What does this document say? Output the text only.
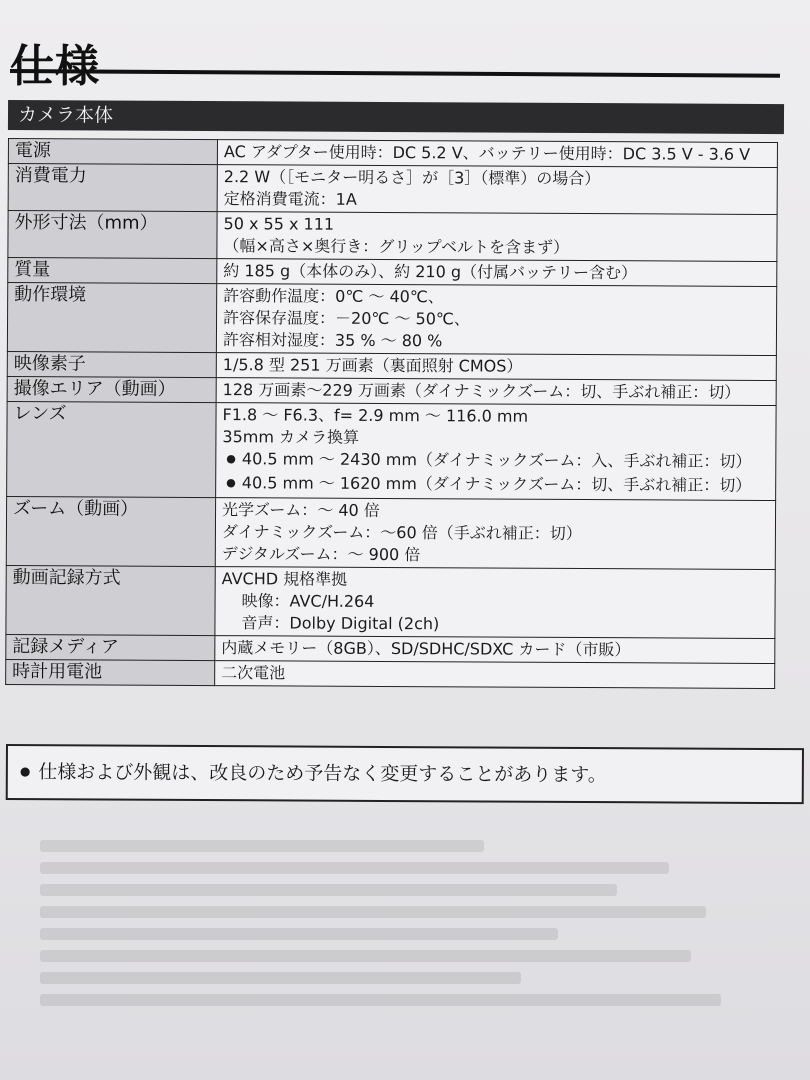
仕様
カメラ本体
電源	AC アダプター使用時：DC 5.2 V、バッテリー使用時：DC 3.5 V - 3.6 V

消費電力	2.2 W（［モニター明るさ］が［3］（標準）の場合）
定格消費電流：1A

外形寸法（mm）	50 x 55 x 111
（幅×高さ×奥行き：グリップベルトを含まず）

質量	約 185 g（本体のみ）、約 210 g（付属バッテリー含む）

動作環境	許容動作温度：0℃ ～ 40℃、
許容保存温度：－20℃ ～ 50℃、
許容相対湿度：35 % ～ 80 %

映像素子	1/5.8 型 251 万画素（裏面照射 CMOS）

撮像エリア（動画）	128 万画素～229 万画素（ダイナミックズーム：切、手ぶれ補正：切）

レンズ	F1.8 ～ F6.3、f= 2.9 mm ～ 116.0 mm
35mm カメラ換算
● 40.5 mm ～ 2430 mm（ダイナミックズーム：入、手ぶれ補正：切）
● 40.5 mm ～ 1620 mm（ダイナミックズーム：切、手ぶれ補正：切）

ズーム（動画）	光学ズーム：～ 40 倍
ダイナミックズーム：～60 倍（手ぶれ補正：切）
デジタルズーム：～ 900 倍

動画記録方式	AVCHD 規格準拠
映像：AVC/H.264
音声：Dolby Digital (2ch)

記録メディア	内蔵メモリー（8GB）、SD/SDHC/SDXC カード（市販）

時計用電池	二次電池
● 仕様および外観は、改良のため予告なく変更することがあります。
